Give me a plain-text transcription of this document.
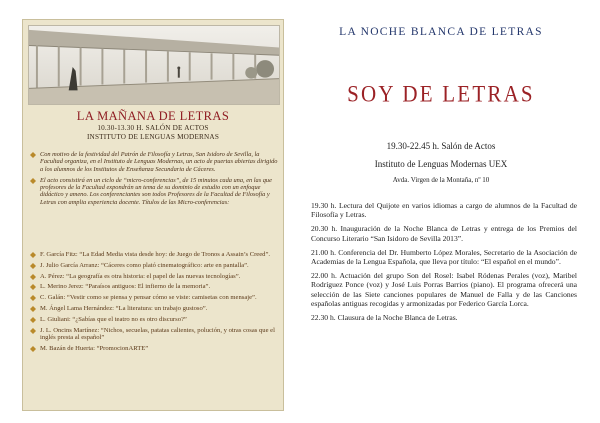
LA MAÑANA DE LETRAS
10.30-13.30 H. SALÓN DE ACTOS
INSTITUTO DE LENGUAS MODERNAS
Con motivo de la festividad del Patrón de Filosofía y Letras, San Isidoro de Sevilla, la Facultad organiza, en el Instituto de Lenguas Modernas, un acto de puertas abiertas dirigido a los alumnos de los Institutos de Enseñanza Secundaria de Cáceres.
El acto consistirá en un ciclo de “micro-conferencias”, de 15 minutos cada una, en las que profesores de la Facultad expondrán un tema de su dominio de estudio con un enfoque didáctico y ameno. Los conferenciantes son todos Profesores de la Facultad de Filosofía y Letras con amplia experiencia docente. Títulos de las Micro-conferencias:
F. García Fitz: “La Edad Media vista desde hoy: de Juego de Tronos a Assain’s Creed”.
J. Julio García Arranz: “Cáceres como plató cinematográfico: arte en pantalla”.
A. Pérez: “La geografía es otra historia: el papel de las nuevas tecnologías”.
L. Merino Jerez: “Paraísos antiguos: El infierno de la memoria”.
C. Galán: “Vestir como se piensa y pensar cómo se viste: camisetas con mensaje”.
M. Ángel Lama Hernández: “La literatura: un trabajo gustoso”.
L. Giuliani: “¿Sabías que el teatro no es otro discurso?”
J. L. Oncins Martínez: “Nichos, secuelas, patatas calientes, polución, y otras cosas que el inglés presta al español”
M. Bazán de Huerta: “PromocionARTE”
LA NOCHE BLANCA DE LETRAS
SOY DE LETRAS
19.30-22.45 h. Salón de Actos
Instituto de Lenguas Modernas UEX
Avda. Virgen de la Montaña, nº 10
19.30 h. Lectura del Quijote en varios idiomas a cargo de alumnos de la Facultad de Filosofía y Letras.
20.30 h. Inauguración de la Noche Blanca de Letras y entrega de los Premios del Concurso Literario “San Isidoro de Sevilla 2013”.
21.00 h. Conferencia del Dr. Humberto López Morales, Secretario de la Asociación de Academias de la Lengua Española, que lleva por título: “El español en el mundo”.
22.00 h. Actuación del grupo Son del Rosel: Isabel Ródenas Perales (voz), Maribel Rodríguez Ponce (voz) y José Luis Porras Barrios (piano). El programa ofrecerá una selección de las Siete canciones populares de Manuel de Falla y de las Canciones españolas antiguas recogidas y armonizadas por Federico García Lorca.
22.30 h. Clausura de la Noche Blanca de Letras.
